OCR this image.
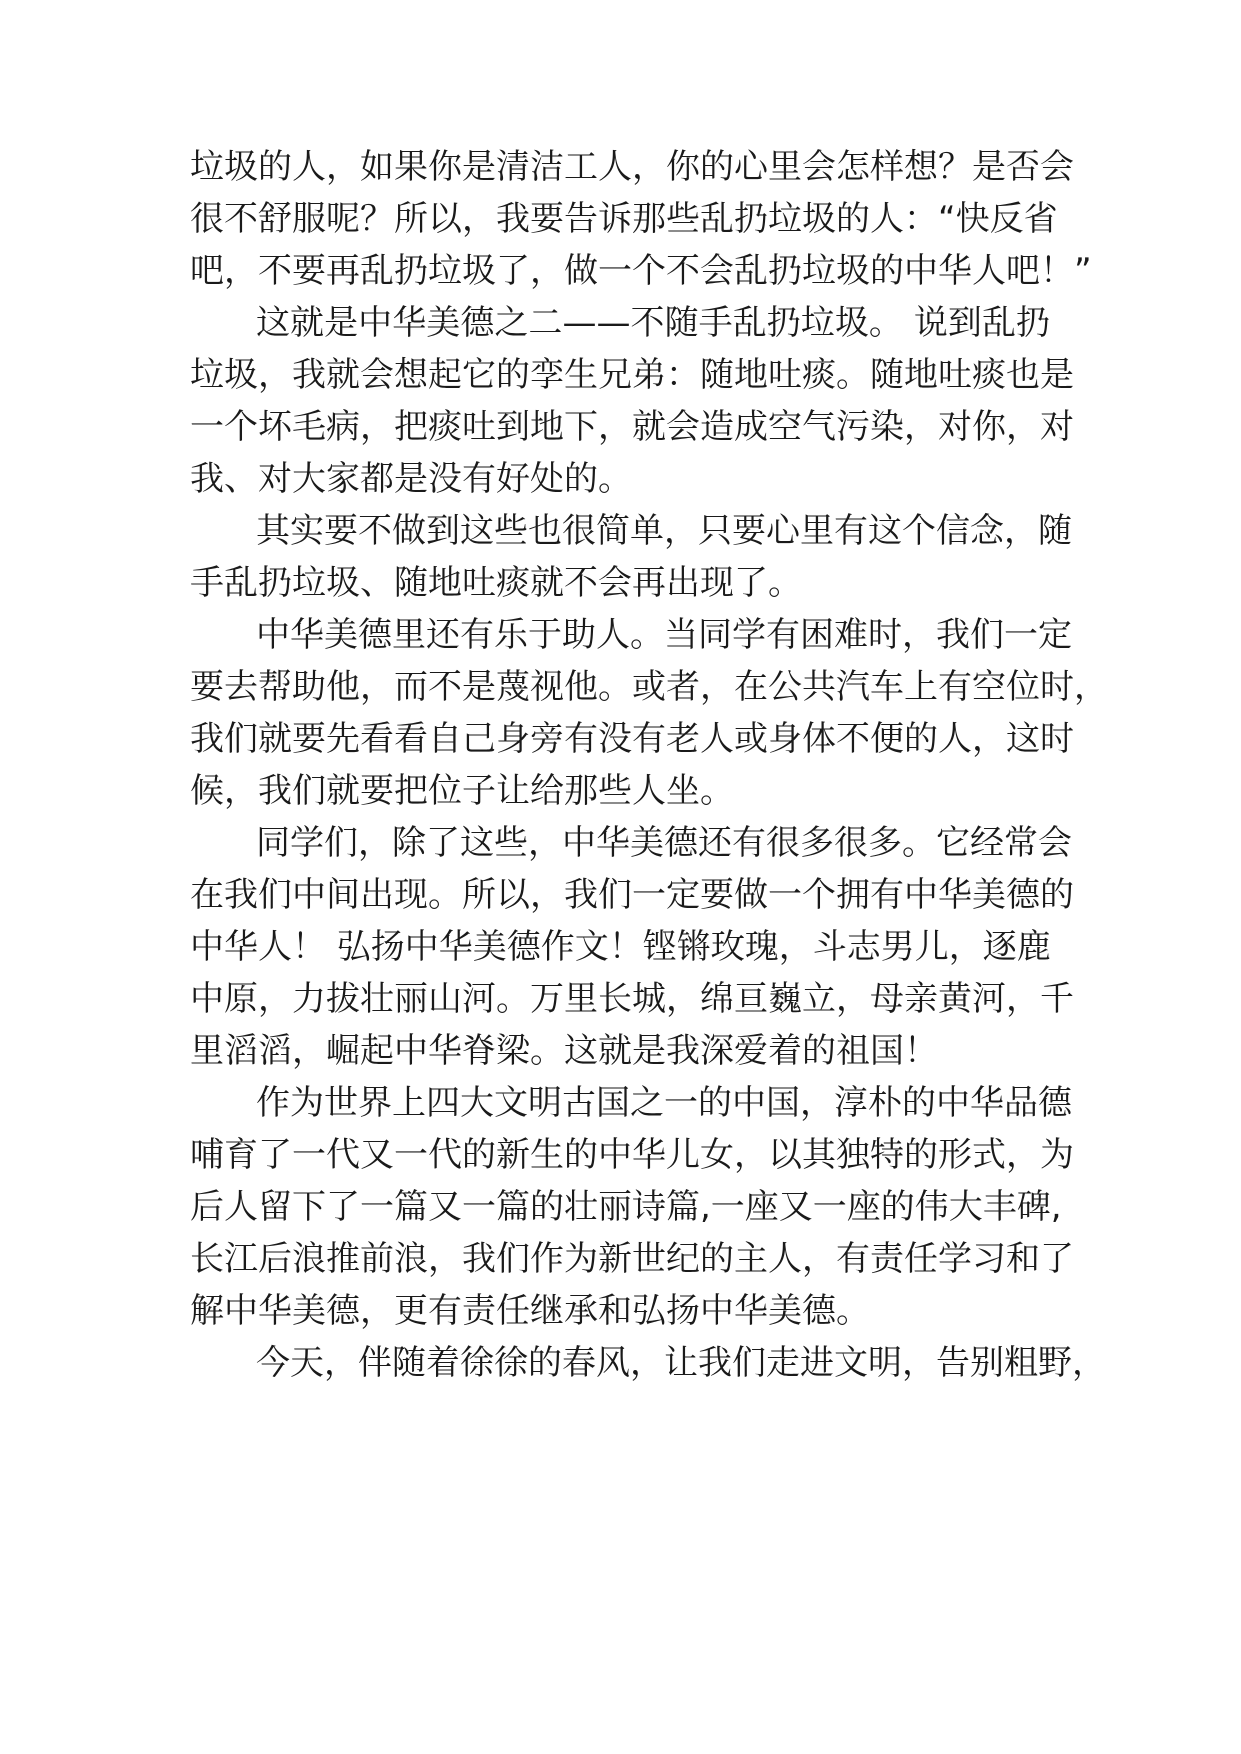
垃圾的人，如果你是清洁工人，你的心里会怎样想？是否会
很不舒服呢？所以，我要告诉那些乱扔垃圾的人：“快反省
吧，不要再乱扔垃圾了，做一个不会乱扔垃圾的中华人吧！”
这就是中华美德之二——不随手乱扔垃圾。 说到乱扔
垃圾，我就会想起它的孪生兄弟：随地吐痰。随地吐痰也是
一个坏毛病，把痰吐到地下，就会造成空气污染，对你，对
我、对大家都是没有好处的。
其实要不做到这些也很简单，只要心里有这个信念，随
手乱扔垃圾、随地吐痰就不会再出现了。
中华美德里还有乐于助人。当同学有困难时，我们一定
要去帮助他，而不是蔑视他。或者，在公共汽车上有空位时，
我们就要先看看自己身旁有没有老人或身体不便的人，这时
候，我们就要把位子让给那些人坐。
同学们，除了这些，中华美德还有很多很多。它经常会
在我们中间出现。所以，我们一定要做一个拥有中华美德的
中华人！ 弘扬中华美德作文！铿锵玫瑰，斗志男儿，逐鹿
中原，力拔壮丽山河。万里长城，绵亘巍立，母亲黄河，千
里滔滔，崛起中华脊梁。这就是我深爱着的祖国！
作为世界上四大文明古国之一的中国，淳朴的中华品德
哺育了一代又一代的新生的中华儿女，以其独特的形式，为
后人留下了一篇又一篇的壮丽诗篇,一座又一座的伟大丰碑,
长江后浪推前浪，我们作为新世纪的主人，有责任学习和了
解中华美德，更有责任继承和弘扬中华美德。
今天，伴随着徐徐的春风，让我们走进文明，告别粗野，
